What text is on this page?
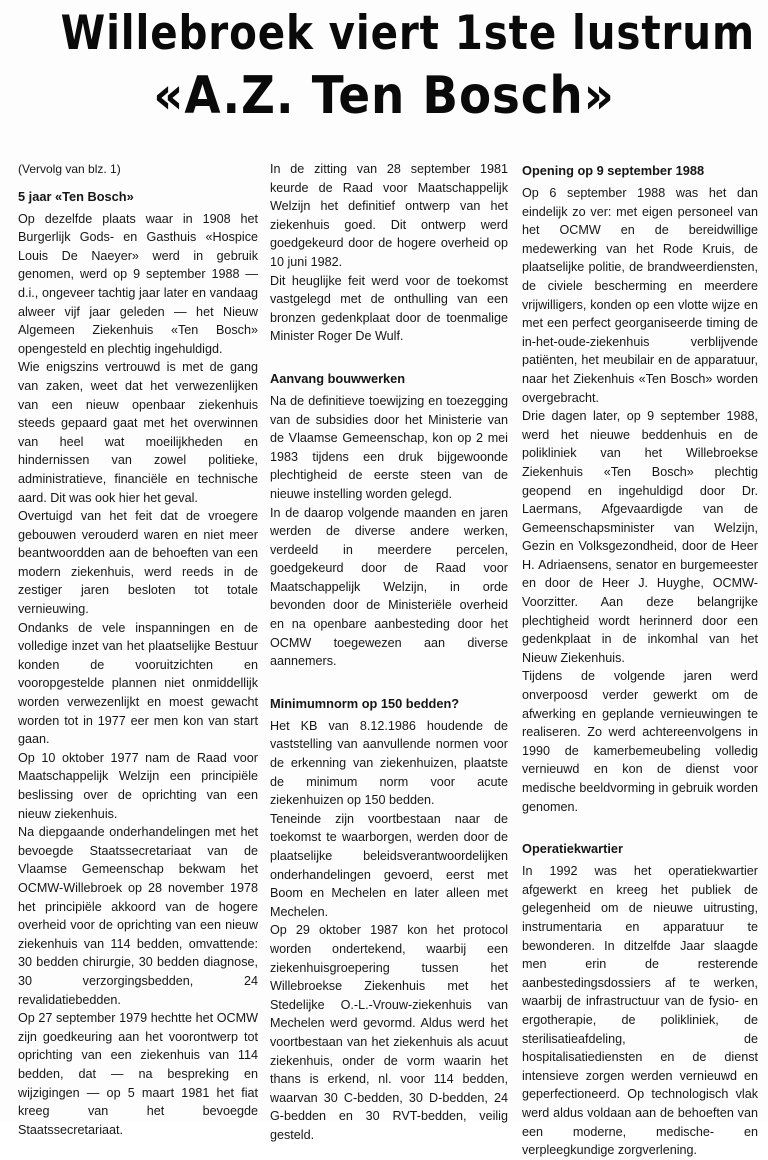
Willebroek viert 1ste lustrum
«A.Z. Ten Bosch»

(Vervolg van blz. 1)

5 jaar «Ten Bosch»

Op dezelfde plaats waar in 1908 het Burgerlijk Gods- en Gasthuis «Hospice Louis De Naeyer» werd in gebruik genomen, werd op 9 september 1988 — d.i., ongeveer tachtig jaar later en vandaag alweer vijf jaar geleden — het Nieuw Algemeen Ziekenhuis «Ten Bosch» opengesteld en plechtig ingehuldigd.

Wie enigszins vertrouwd is met de gang van zaken, weet dat het verwezenlijken van een nieuw openbaar ziekenhuis steeds gepaard gaat met het overwinnen van heel wat moeilijkheden en hindernissen van zowel politieke, administratieve, financiële en technische aard. Dit was ook hier het geval.

Overtuigd van het feit dat de vroegere gebouwen verouderd waren en niet meer beantwoordden aan de behoeften van een modern ziekenhuis, werd reeds in de zestiger jaren besloten tot totale vernieuwing.

Ondanks de vele inspanningen en de volledige inzet van het plaatselijke Bestuur konden de vooruitzichten en vooropgestelde plannen niet onmiddellijk worden verwezenlijkt en moest gewacht worden tot in 1977 eer men kon van start gaan.

Op 10 oktober 1977 nam de Raad voor Maatschappelijk Welzijn een principiële beslissing over de oprichting van een nieuw ziekenhuis.

Na diepgaande onderhandelingen met het bevoegde Staatssecretariaat van de Vlaamse Gemeenschap bekwam het OCMW-Willebroek op 28 november 1978 het principiële akkoord van de hogere overheid voor de oprichting van een nieuw ziekenhuis van 114 bedden, omvattende: 30 bedden chirurgie, 30 bedden diagnose, 30 verzorgingsbedden, 24 revalidatiebedden.

Op 27 september 1979 hechtte het OCMW zijn goedkeuring aan het voorontwerp tot oprichting van een ziekenhuis van 114 bedden, dat — na bespreking en wijzigingen — op 5 maart 1981 het fiat kreeg van het bevoegde Staatssecretariaat.

In de zitting van 28 september 1981 keurde de Raad voor Maatschappelijk Welzijn het definitief ontwerp van het ziekenhuis goed. Dit ontwerp werd goedgekeurd door de hogere overheid op 10 juni 1982.

Dit heuglijke feit werd voor de toekomst vastgelegd met de onthulling van een bronzen gedenkplaat door de toenmalige Minister Roger De Wulf.

Aanvang bouwwerken

Na de definitieve toewijzing en toezegging van de subsidies door het Ministerie van de Vlaamse Gemeenschap, kon op 2 mei 1983 tijdens een druk bijgewoonde plechtigheid de eerste steen van de nieuwe instelling worden gelegd.

In de daarop volgende maanden en jaren werden de diverse andere werken, verdeeld in meerdere percelen, goedgekeurd door de Raad voor Maatschappelijk Welzijn, in orde bevonden door de Ministeriële overheid en na openbare aanbesteding door het OCMW toegewezen aan diverse aannemers.

Minimumnorm op 150 bedden?

Het KB van 8.12.1986 houdende de vaststelling van aanvullende normen voor de erkenning van ziekenhuizen, plaatste de minimum norm voor acute ziekenhuizen op 150 bedden.

Teneinde zijn voortbestaan naar de toekomst te waarborgen, werden door de plaatselijke beleidsverantwoordelijken onderhandelingen gevoerd, eerst met Boom en Mechelen en later alleen met Mechelen.

Op 29 oktober 1987 kon het protocol worden ondertekend, waarbij een ziekenhuisgroepering tussen het Willebroekse Ziekenhuis met het Stedelijke O.-L.-Vrouw-ziekenhuis van Mechelen werd gevormd. Aldus werd het voortbestaan van het ziekenhuis als acuut ziekenhuis, onder de vorm waarin het thans is erkend, nl. voor 114 bedden, waarvan 30 C-bedden, 30 D-bedden, 24 G-bedden en 30 RVT-bedden, veilig gesteld.

Opening op 9 september 1988

Op 6 september 1988 was het dan eindelijk zo ver: met eigen personeel van het OCMW en de bereidwillige medewerking van het Rode Kruis, de plaatselijke politie, de brandweerdiensten, de civiele bescherming en meerdere vrijwilligers, konden op een vlotte wijze en met een perfect georganiseerde timing de in-het-oude-ziekenhuis verblijvende patiënten, het meubilair en de apparatuur, naar het Ziekenhuis «Ten Bosch» worden overgebracht.

Drie dagen later, op 9 september 1988, werd het nieuwe beddenhuis en de polikliniek van het Willebroekse Ziekenhuis «Ten Bosch» plechtig geopend en ingehuldigd door Dr. Laermans, Afgevaardigde van de Gemeenschapsminister van Welzijn, Gezin en Volksgezondheid, door de Heer H. Adriaensens, senator en burgemeester en door de Heer J. Huyghe, OCMW-Voorzitter. Aan deze belangrijke plechtigheid wordt herinnerd door een gedenkplaat in de inkomhal van het Nieuw Ziekenhuis.

Tijdens de volgende jaren werd onverpoosd verder gewerkt om de afwerking en geplande vernieuwingen te realiseren. Zo werd achtereenvolgens in 1990 de kamerbemeubeling volledig vernieuwd en kon de dienst voor medische beeldvorming in gebruik worden genomen.

Operatiekwartier

In 1992 was het operatiekwartier afgewerkt en kreeg het publiek de gelegenheid om de nieuwe uitrusting, instrumentaria en apparatuur te bewonderen. In ditzelfde Jaar slaagde men erin de resterende aanbestedingsdossiers af te werken, waarbij de infrastructuur van de fysio- en ergotherapie, de polikliniek, de sterilisatieafdeling, de hospitalisatiediensten en de dienst intensieve zorgen werden vernieuwd en geperfectioneerd. Op technologisch vlak werd aldus voldaan aan de behoeften van een moderne, medische- en verpleegkundige zorgverlening.
